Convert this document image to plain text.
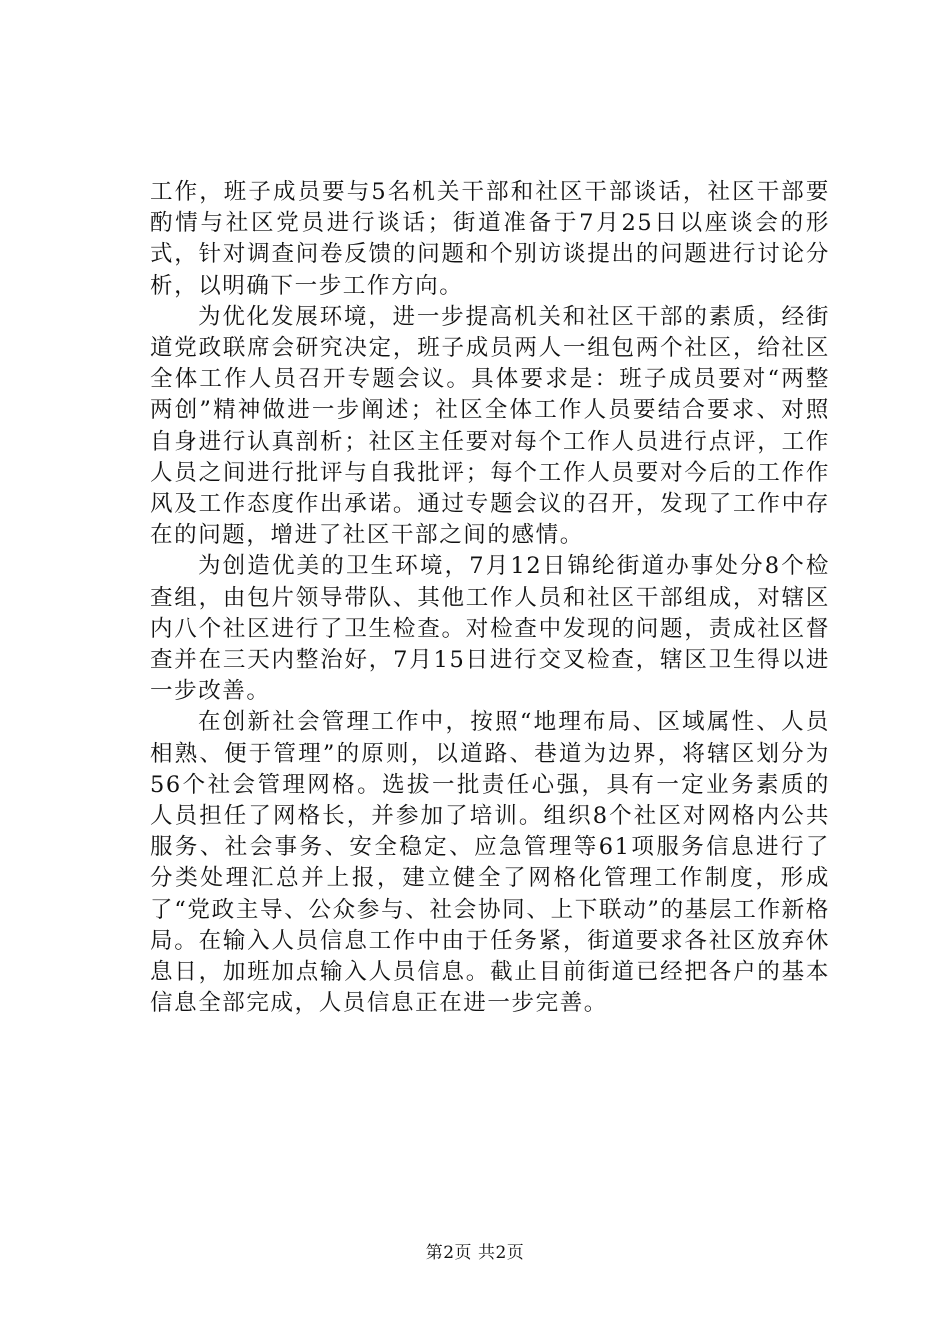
工作，班子成员要与5名机关干部和社区干部谈话，社区干部要酌情与社区党员进行谈话；街道准备于7月25日以座谈会的形式，针对调查问卷反馈的问题和个别访谈提出的问题进行讨论分析，以明确下一步工作方向。

为优化发展环境，进一步提高机关和社区干部的素质，经街道党政联席会研究决定，班子成员两人一组包两个社区，给社区全体工作人员召开专题会议。具体要求是：班子成员要对“两整两创”精神做进一步阐述；社区全体工作人员要结合要求、对照自身进行认真剖析；社区主任要对每个工作人员进行点评，工作人员之间进行批评与自我批评；每个工作人员要对今后的工作作风及工作态度作出承诺。通过专题会议的召开，发现了工作中存在的问题，增进了社区干部之间的感情。

为创造优美的卫生环境，7月12日锦纶街道办事处分8个检查组，由包片领导带队、其他工作人员和社区干部组成，对辖区内八个社区进行了卫生检查。对检查中发现的问题，责成社区督查并在三天内整治好，7月15日进行交叉检查，辖区卫生得以进一步改善。

在创新社会管理工作中，按照“地理布局、区域属性、人员相熟、便于管理”的原则，以道路、巷道为边界，将辖区划分为56个社会管理网格。选拔一批责任心强，具有一定业务素质的人员担任了网格长，并参加了培训。组织8个社区对网格内公共服务、社会事务、安全稳定、应急管理等61项服务信息进行了分类处理汇总并上报，建立健全了网格化管理工作制度，形成了“党政主导、公众参与、社会协同、上下联动”的基层工作新格局。在输入人员信息工作中由于任务紧，街道要求各社区放弃休息日，加班加点输入人员信息。截止目前街道已经把各户的基本信息全部完成，人员信息正在进一步完善。

第2页 共2页
